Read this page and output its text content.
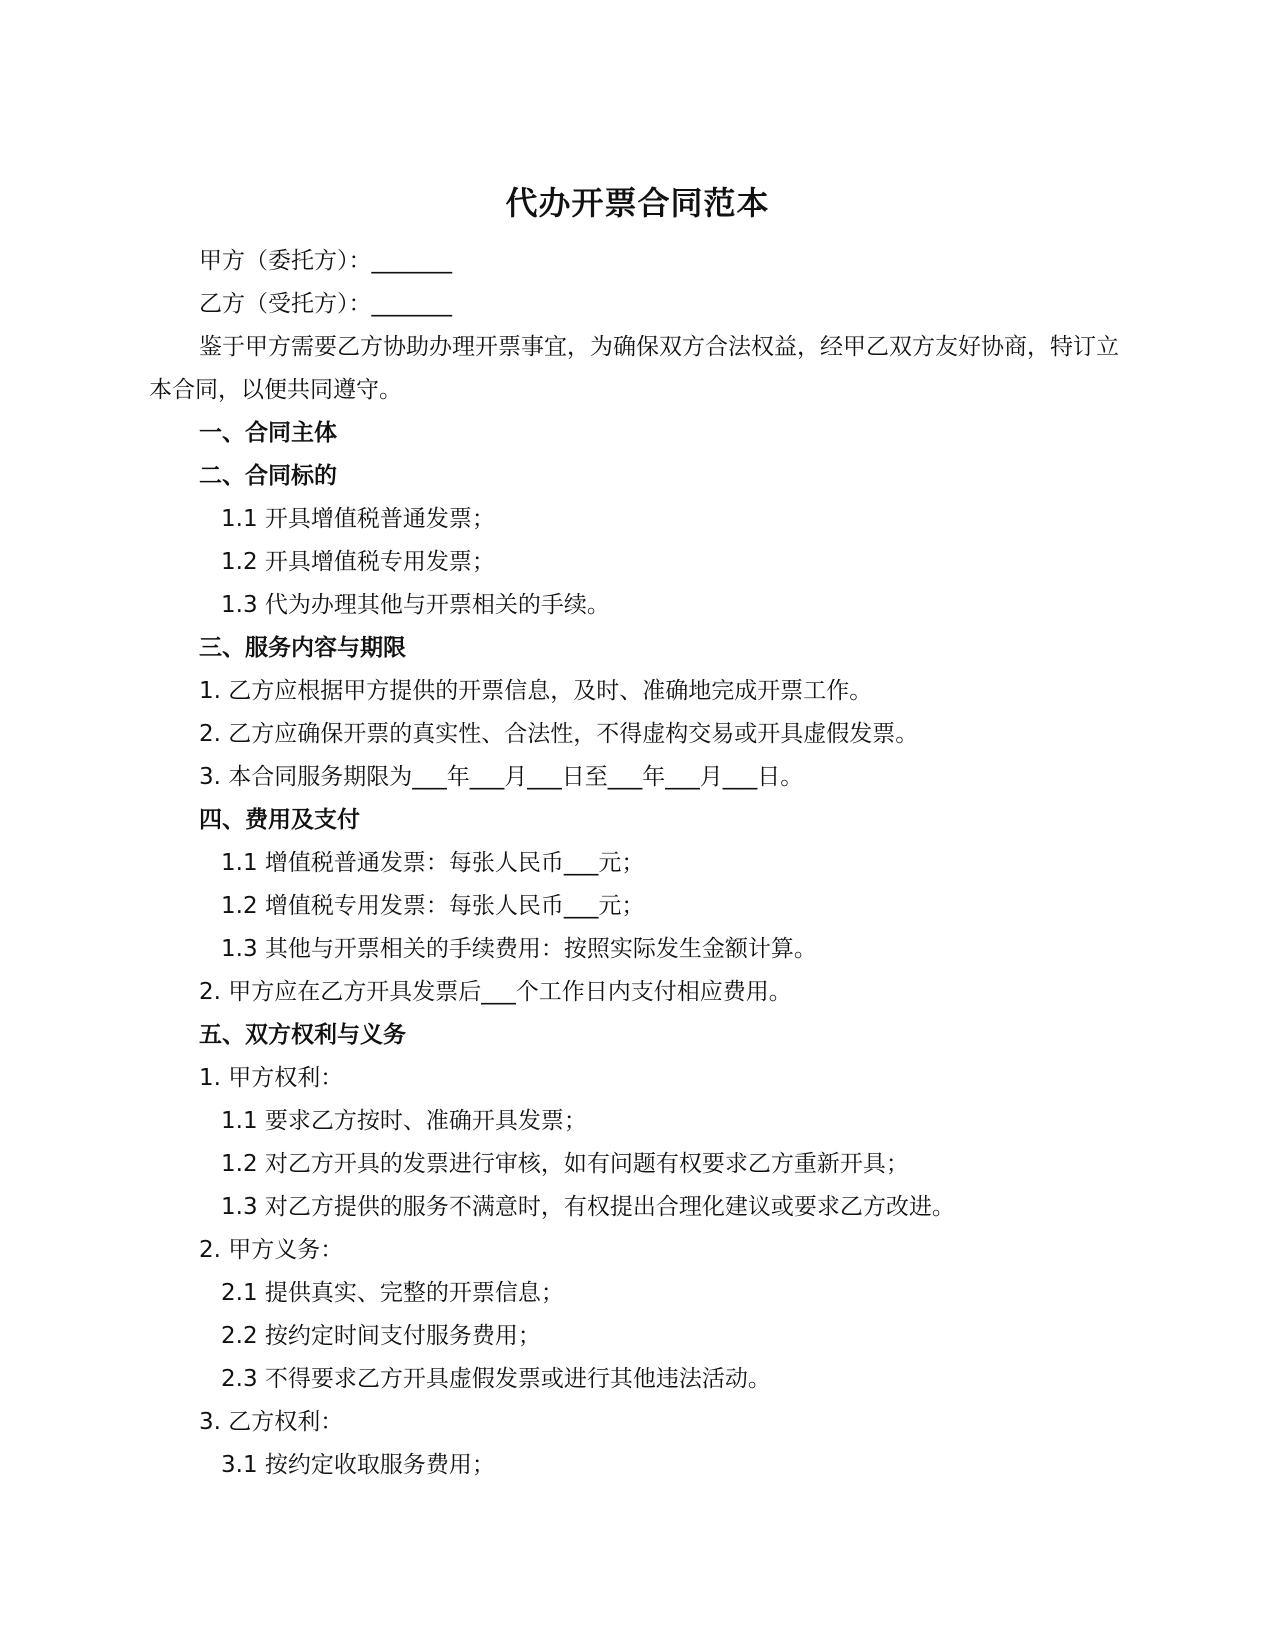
代办开票合同范本
甲方（委托方）：_______
乙方（受托方）：_______
鉴于甲方需要乙方协助办理开票事宜，为确保双方合法权益，经甲乙双方友好协商，特订立本合同，以便共同遵守。
一、合同主体
二、合同标的
1.1 开具增值税普通发票；
1.2 开具增值税专用发票；
1.3 代为办理其他与开票相关的手续。
三、服务内容与期限
1. 乙方应根据甲方提供的开票信息，及时、准确地完成开票工作。
2. 乙方应确保开票的真实性、合法性，不得虚构交易或开具虚假发票。
3. 本合同服务期限为___年___月___日至___年___月___日。
四、费用及支付
1.1 增值税普通发票：每张人民币___元；
1.2 增值税专用发票：每张人民币___元；
1.3 其他与开票相关的手续费用：按照实际发生金额计算。
2. 甲方应在乙方开具发票后___个工作日内支付相应费用。
五、双方权利与义务
1. 甲方权利：
1.1 要求乙方按时、准确开具发票；
1.2 对乙方开具的发票进行审核，如有问题有权要求乙方重新开具；
1.3 对乙方提供的服务不满意时，有权提出合理化建议或要求乙方改进。
2. 甲方义务：
2.1 提供真实、完整的开票信息；
2.2 按约定时间支付服务费用；
2.3 不得要求乙方开具虚假发票或进行其他违法活动。
3. 乙方权利：
3.1 按约定收取服务费用；
